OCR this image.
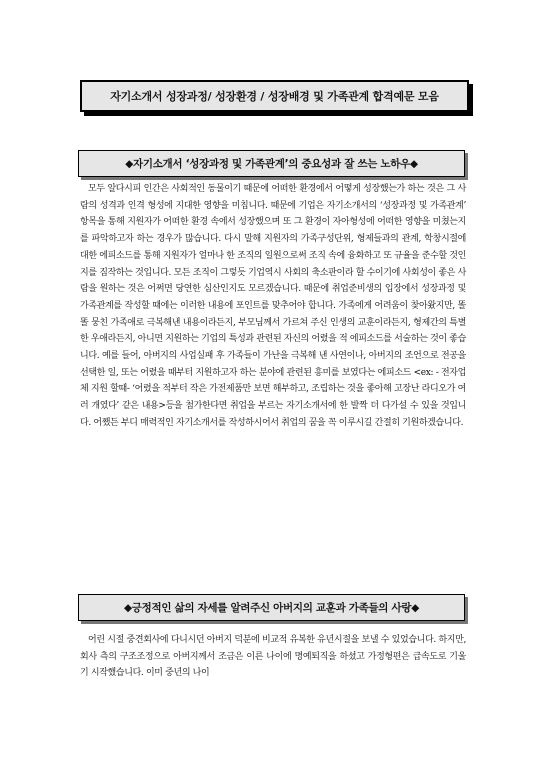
자기소개서 성장과정/ 성장환경 / 성장배경 및 가족관계 합격예문 모음
◆자기소개서 ‘성장과정 및 가족관계’의 중요성과 잘 쓰는 노하우◆
모두 알다시피 인간은 사회적인 동물이기 때문에 어떠한 환경에서 어떻게 성장했는가 하는 것은 그 사람의 성격과 인격 형성에 지대한 영향을 미칩니다. 때문에 기업은 자기소개서의 ‘성장과정 및 가족관계’ 항목을 통해 지원자가 어떠한 환경 속에서 성장했으며 또 그 환경이 자아형성에 어떠한 영향을 미쳤는지를 파악하고자 하는 경우가 많습니다. 다시 말해 지원자의 가족구성단위, 형제들과의 관계, 학창시절에 대한 에피소드를 통해 지원자가 얼마나 한 조직의 일원으로써 조직 속에 융화하고 또 규율을 준수할 것인지를 짐작하는 것입니다. 모든 조직이 그렇듯 기업역시 사회의 축소판이라 할 수이기에 사회성이 좋은 사람을 원하는 것은 어쩌면 당연한 심산인지도 모르겠습니다. 때문에 취업준비생의 입장에서 성장과정 및 가족관계를 작성할 때에는 이러한 내용에 포인트를 맞추어야 합니다. 가족에게 어려움이 찾아왔지만, 똘똘 뭉친 가족애로 극복해낸 내용이라든지, 부모님께서 가르쳐 주신 인생의 교훈이라든지, 형제간의 특별한 우애라든지, 아니면 지원하는 기업의 특성과 관련된 자신의 어렸을 적 에피소드를 서술하는 것이 좋습니다. 예를 들어, 아버지의 사업실패 후 가족들이 가난을 극복해 낸 사연이나, 아버지의 조언으로 전공을 선택한 일, 또는 어렸을 때부터 지원하고자 하는 분야에 관련된 흥미를 보였다는 에피소드 <ex: - 전자업체 지원 할때- ‘어렸을 적부터 작은 가전제품만 보면 해부하고, 조립하는 것을 좋아해 고장난 라디오가 여러 개였다’ 같은 내용>등을 첨가한다면 취업을 부르는 자기소개서에 한 발짝 더 다가설 수 있을 것입니다. 어쨌든 부디 매력적인 자기소개서를 작성하시어서 취업의 꿈을 꼭 이루시길 간절히 기원하겠습니다.
◆긍정적인 삶의 자세를 알려주신 아버지의 교훈과 가족들의 사랑◆
어린 시절 중견회사에 다니시던 아버지 덕분에 비교적 유복한 유년시절을 보낼 수 있었습니다. 하지만, 회사 측의 구조조정으로 아버지께서 조금은 이른 나이에 명예퇴직을 하셨고 가정형편은 급속도로 기울기 시작했습니다. 이미 중년의 나이
